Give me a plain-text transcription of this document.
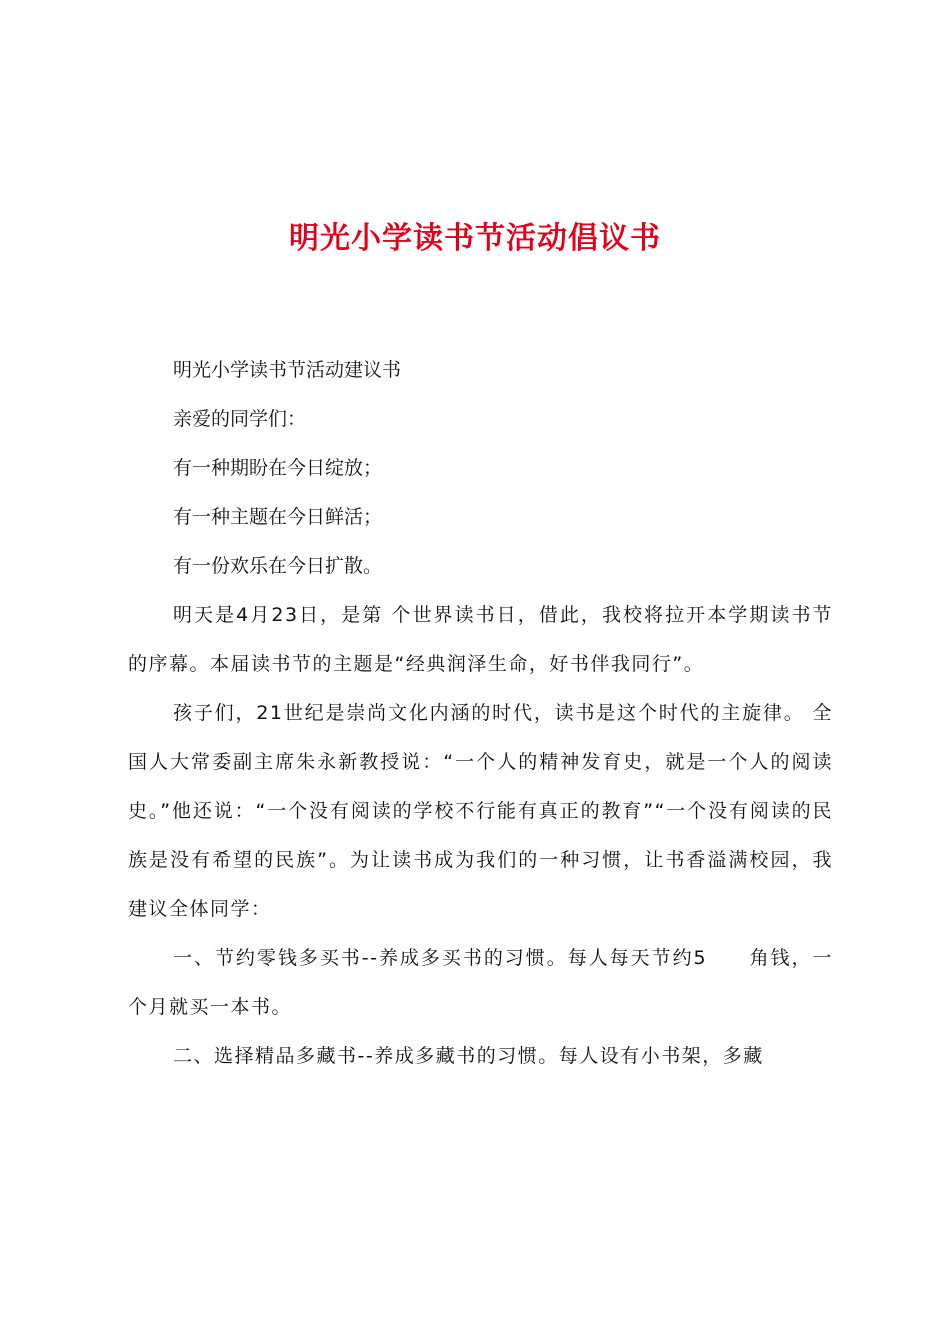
明光小学读书节活动倡议书
明光小学读书节活动建议书
亲爱的同学们：
有一种期盼在今日绽放；
有一种主题在今日鲜活；
有一份欢乐在今日扩散。

明天是4月23日，是第 个世界读书日，借此，我校将拉开本学期读书节的序幕。本届读书节的主题是“经典润泽生命，好书伴我同行”。

孩子们，21世纪是崇尚文化内涵的时代，读书是这个时代的主旋律。 全国人大常委副主席朱永新教授说：“一个人的精神发育史，就是一个人的阅读史。”他还说：“一个没有阅读的学校不行能有真正的教育”“一个没有阅读的民族是没有希望的民族”。为让读书成为我们的一种习惯，让书香溢满校园，我建议全体同学：

一、节约零钱多买书--养成多买书的习惯。每人每天节约5　　角钱，一个月就买一本书。

二、选择精品多藏书--养成多藏书的习惯。每人设有小书架，多藏
